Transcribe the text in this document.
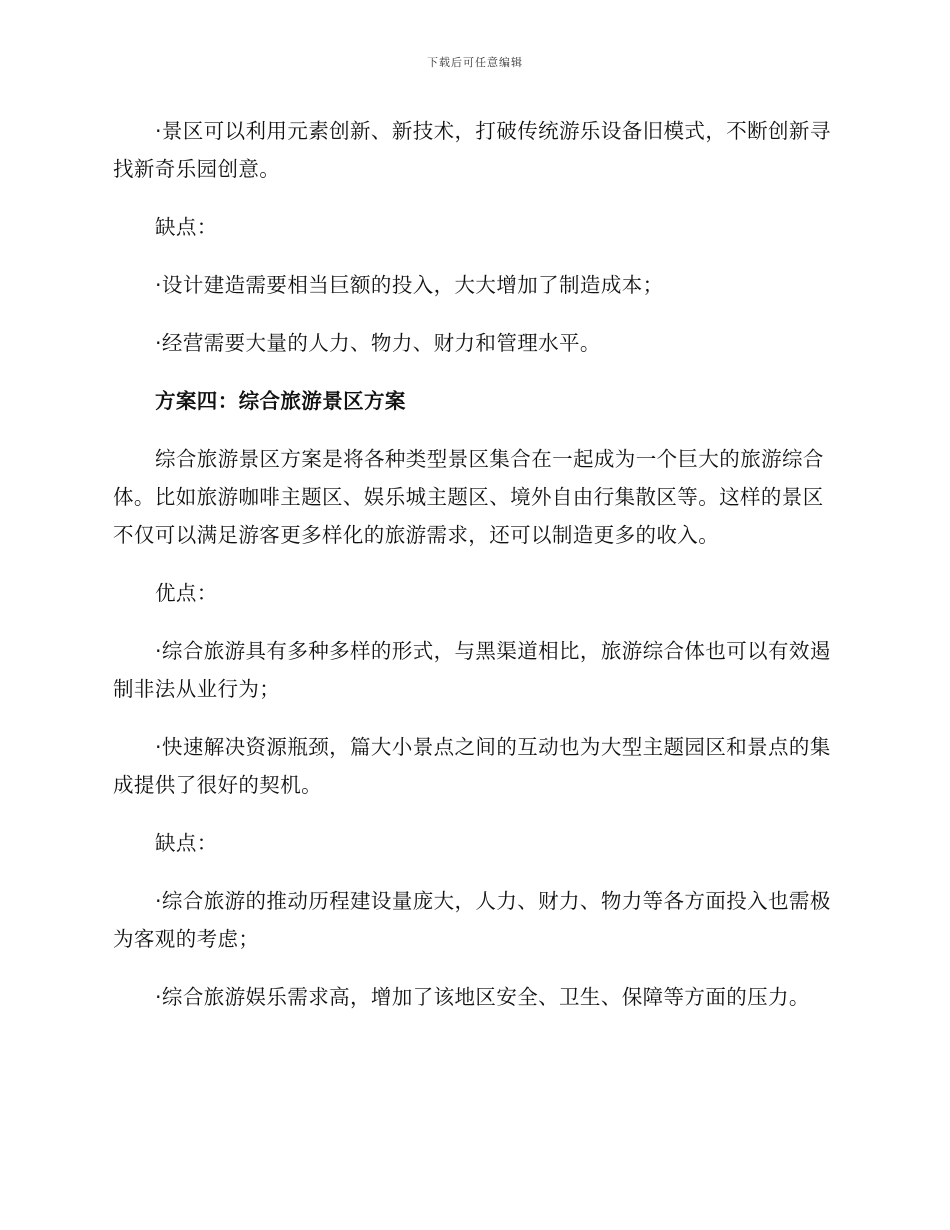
下载后可任意编辑

·景区可以利用元素创新、新技术，打破传统游乐设备旧模式，不断创新寻找新奇乐园创意。

缺点：

·设计建造需要相当巨额的投入，大大增加了制造成本；

·经营需要大量的人力、物力、财力和管理水平。

方案四：综合旅游景区方案

综合旅游景区方案是将各种类型景区集合在一起成为一个巨大的旅游综合体。比如旅游咖啡主题区、娱乐城主题区、境外自由行集散区等。这样的景区不仅可以满足游客更多样化的旅游需求，还可以制造更多的收入。

优点：

·综合旅游具有多种多样的形式，与黑渠道相比，旅游综合体也可以有效遏制非法从业行为；

·快速解决资源瓶颈，篇大小景点之间的互动也为大型主题园区和景点的集成提供了很好的契机。

缺点：

·综合旅游的推动历程建设量庞大，人力、财力、物力等各方面投入也需极为客观的考虑；

·综合旅游娱乐需求高，增加了该地区安全、卫生、保障等方面的压力。
